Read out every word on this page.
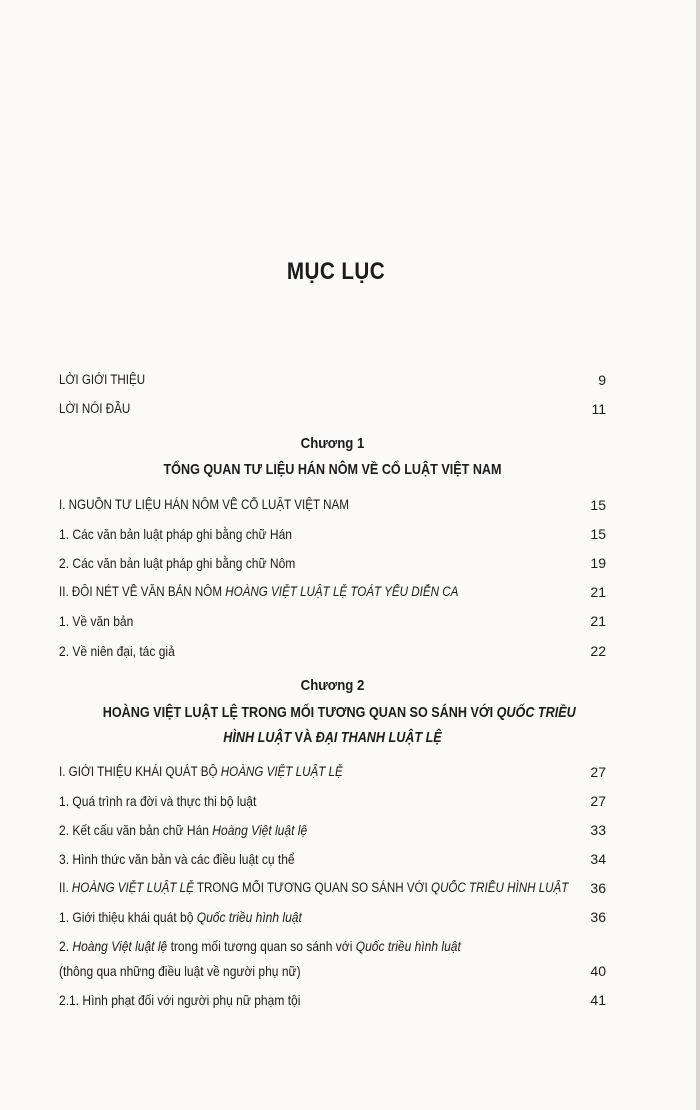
MỤC LỤC
LỜI GIỚI THIỆU	9
LỜI NÓI ĐẦU	11
Chương 1
TỔNG QUAN TƯ LIỆU HÁN NÔM VỀ CỔ LUẬT VIỆT NAM
I. NGUỒN TƯ LIỆU HÁN NÔM VỀ CỔ LUẬT VIỆT NAM	15
1. Các văn bản luật pháp ghi bằng chữ Hán	15
2. Các văn bản luật pháp ghi bằng chữ Nôm	19
II. ĐÔI NÉT VỀ VĂN BẢN NÔM HOÀNG VIỆT LUẬT LỆ TOÁT YẾU DIỄN CA	21
1. Về văn bản	21
2. Về niên đại, tác giả	22
Chương 2
HOÀNG VIỆT LUẬT LỆ TRONG MỐI TƯƠNG QUAN SO SÁNH VỚI QUỐC TRIỀU
HÌNH LUẬT VÀ ĐẠI THANH LUẬT LỆ
I. GIỚI THIỆU KHÁI QUÁT BỘ HOÀNG VIỆT LUẬT LỆ	27
1. Quá trình ra đời và thực thi bộ luật	27
2. Kết cấu văn bản chữ Hán Hoàng Việt luật lệ	33
3. Hình thức văn bản và các điều luật cụ thể	34
II. HOÀNG VIỆT LUẬT LỆ TRONG MỐI TƯƠNG QUAN SO SÁNH VỚI QUỐC TRIỀU HÌNH LUẬT 36
1. Giới thiệu khái quát bộ Quốc triều hình luật	36
2. Hoàng Việt luật lệ trong mối tương quan so sánh với Quốc triều hình luật
(thông qua những điều luật về người phụ nữ)	40
2.1. Hình phạt đối với người phụ nữ phạm tội	41
